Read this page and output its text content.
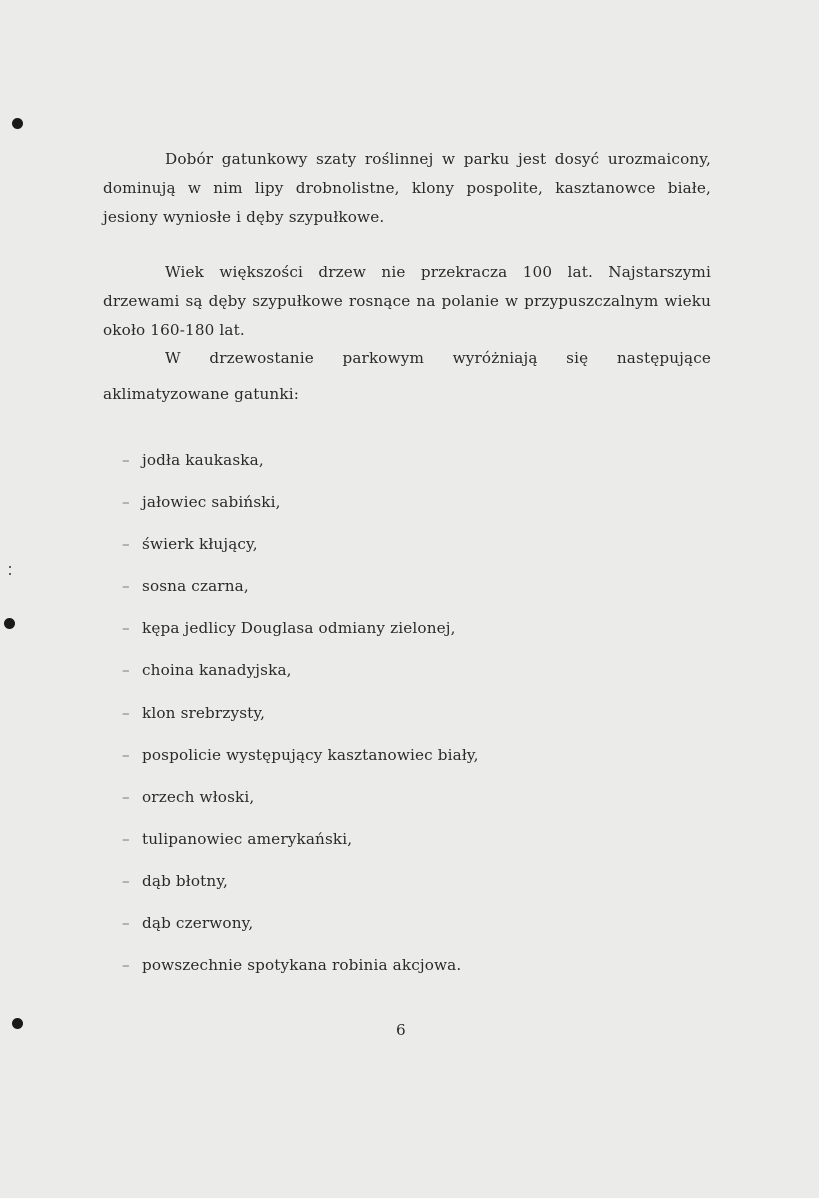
Dobór gatunkowy szaty roślinnej w parku jest dosyć urozmaicony, dominują w nim lipy drobnolistne, klony pospolite, kasztanowce białe, jesiony wyniosłe i dęby szypułkowe.

Wiek większości drzew nie przekracza 100 lat. Najstarszymi drzewami są dęby szypułkowe rosnące na polanie w przypuszczalnym wieku około 160-180 lat.

W drzewostanie parkowym wyróżniają się następujące aklimatyzowane gatunki:

– jodła kaukaska,
– jałowiec sabiński,
– świerk kłujący,
– sosna czarna,
– kępa jedlicy Douglasa odmiany zielonej,
– choina kanadyjska,
– klon srebrzysty,
– pospolicie występujący kasztanowiec biały,
– orzech włoski,
– tulipanowiec amerykański,
– dąb błotny,
– dąb czerwony,
– powszechnie spotykana robinia akcjowa.
6
